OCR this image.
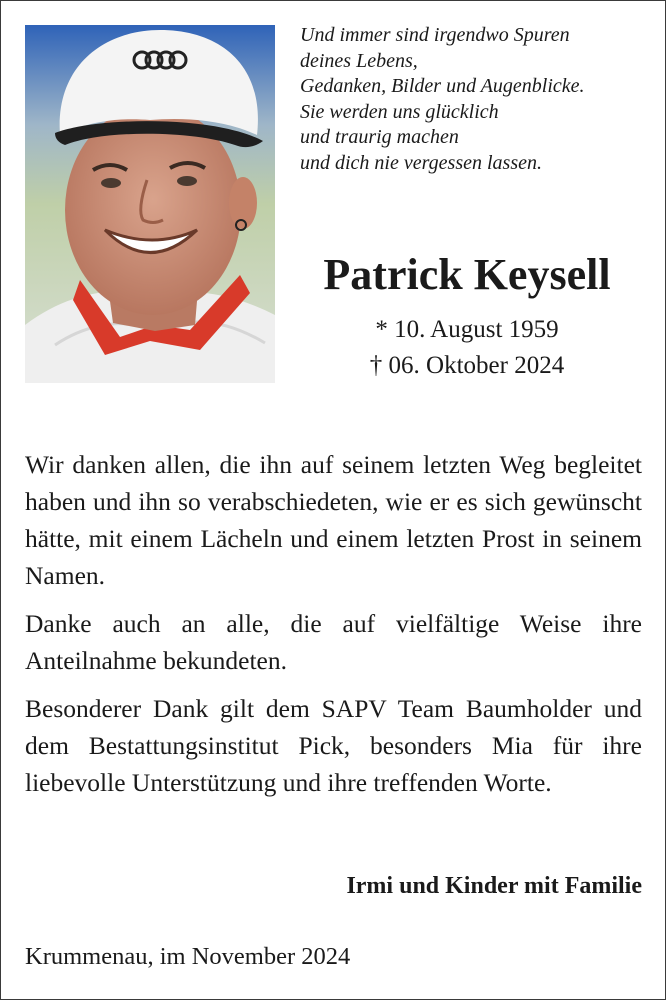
Und immer sind irgendwo Spuren
deines Lebens,
Gedanken, Bilder und Augenblicke.
Sie werden uns glücklich
und traurig machen
und dich nie vergessen lassen.
Patrick Keysell
* 10. August 1959
† 06. Oktober 2024

Wir danken allen, die ihn auf seinem letzten Weg begleitet haben und ihn so verabschiedeten, wie er es sich gewünscht hätte, mit einem Lächeln und einem letzten Prost in seinem Namen.

Danke auch an alle, die auf vielfältige Weise ihre Anteilnahme bekundeten.

Besonderer Dank gilt dem SAPV Team Baumholder und dem Bestattungsinstitut Pick, besonders Mia für ihre liebevolle Unterstützung und ihre treffenden Worte.

Irmi und Kinder mit Familie
Krummenau, im November 2024
